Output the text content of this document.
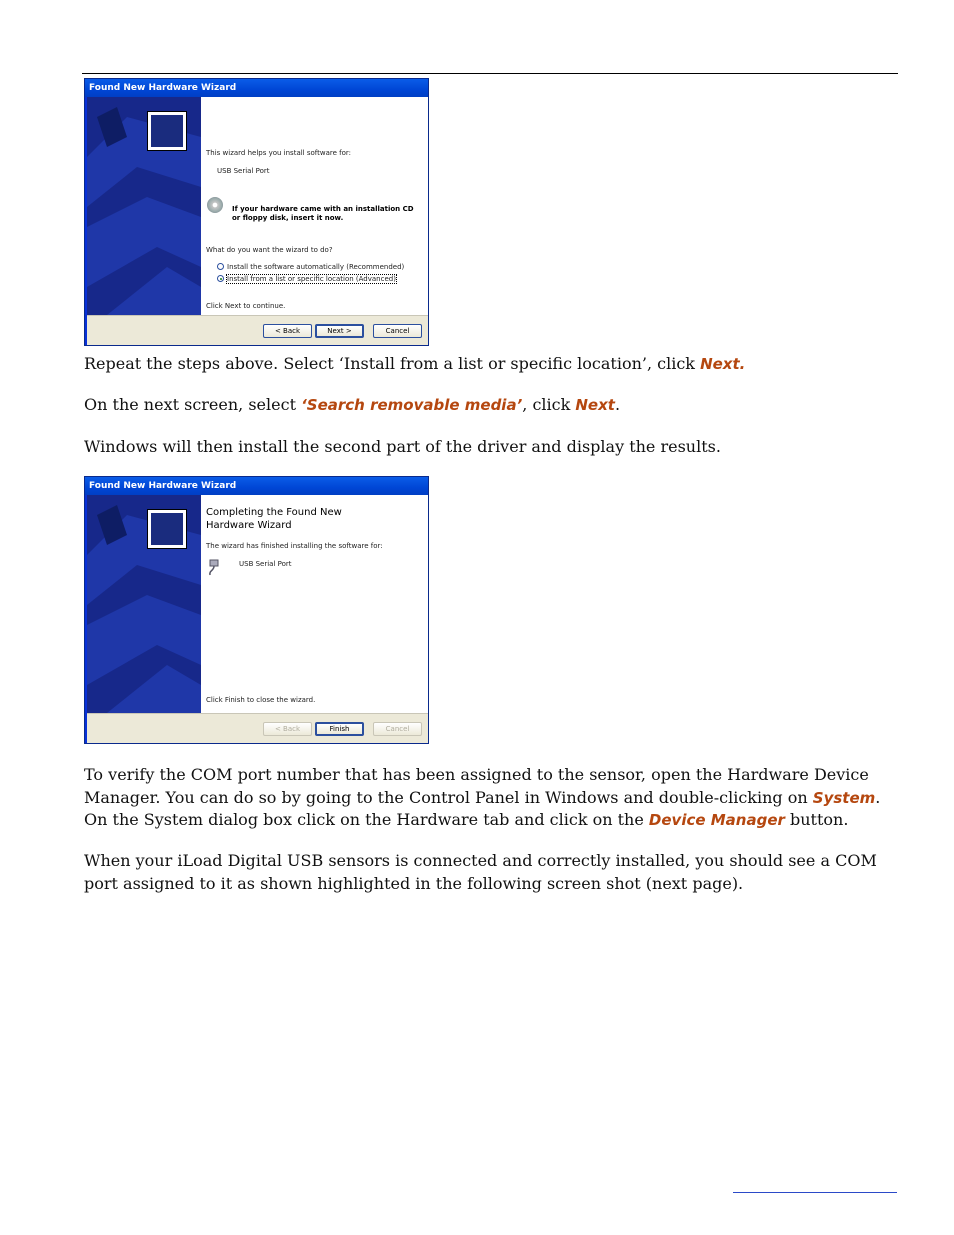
Found New Hardware Wizard
This wizard helps you install software for:
USB Serial Port
If your hardware came with an installation CD
or floppy disk, insert it now.
What do you want the wizard to do?
Install the software automatically (Recommended)
Install from a list or specific location (Advanced)
Click Next to continue.
< Back	Next >	Cancel
Repeat the steps above. Select ‘Install from a list or specific location’, click Next.
On the next screen, select ‘Search removable media’, click Next.
Windows will then install the second part of the driver and display the results.
Found New Hardware Wizard
Completing the Found New
Hardware Wizard
The wizard has finished installing the software for:
USB Serial Port
Click Finish to close the wizard.
< Back	Finish	Cancel
To verify the COM port number that has been assigned to the sensor, open the Hardware Device
Manager. You can do so by going to the Control Panel in Windows and double-clicking on System.
On the System dialog box click on the Hardware tab and click on the Device Manager button.
When your iLoad Digital USB sensors is connected and correctly installed, you should see a COM
port assigned to it as shown highlighted in the following screen shot (next page).
